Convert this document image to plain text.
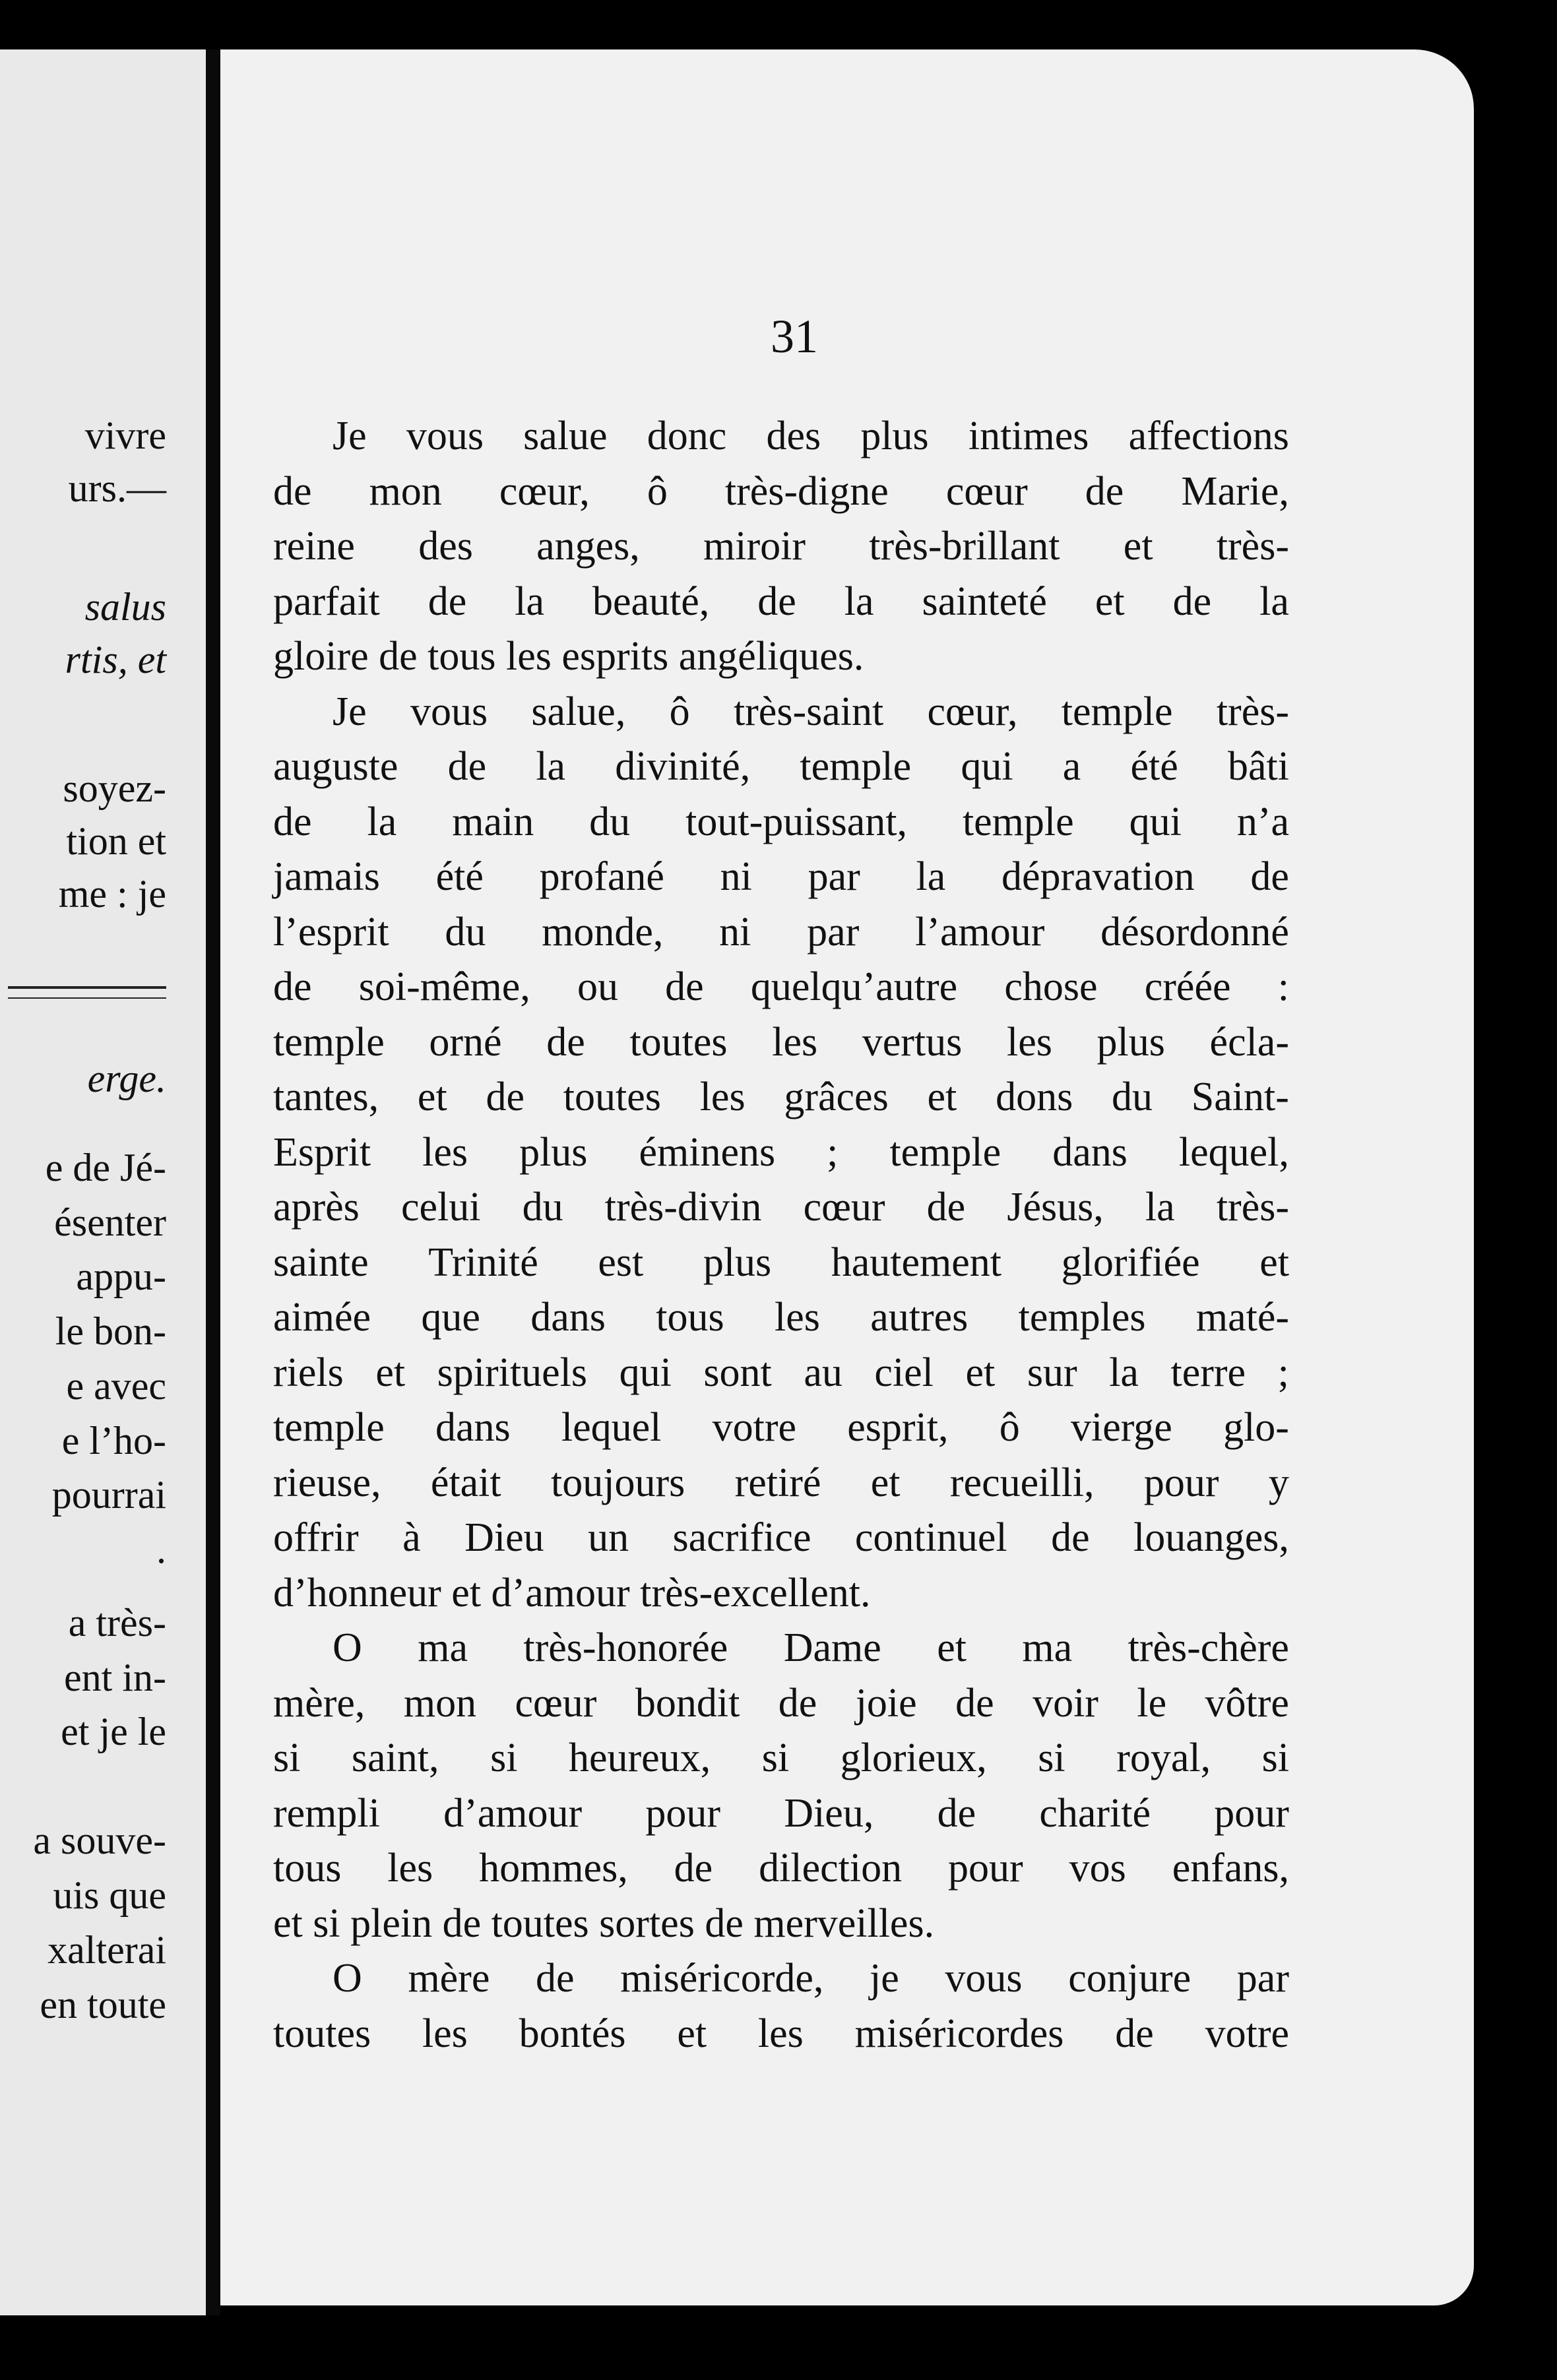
vivre
urs.—
salus
rtis, et
soyez-
tion et
me : je
erge.
e de Jé-
ésenter
appu-
le bon-
e avec
e l’ho-
pourrai
.
a très-
ent in-
et je le
a souve-
uis que
xalterai
en toute
31
Je vous salue donc des plus intimes affections
de mon cœur, ô très-digne cœur de Marie,
reine des anges, miroir très-brillant et très-
parfait de la beauté, de la sainteté et de la
gloire de tous les esprits angéliques.
Je vous salue, ô très-saint cœur, temple très-
auguste de la divinité, temple qui a été bâti
de la main du tout-puissant, temple qui n’a
jamais été profané ni par la dépravation de
l’esprit du monde, ni par l’amour désordonné
de soi-même, ou de quelqu’autre chose créée :
temple orné de toutes les vertus les plus écla-
tantes, et de toutes les grâces et dons du Saint-
Esprit les plus éminens ; temple dans lequel,
après celui du très-divin cœur de Jésus, la très-
sainte Trinité est plus hautement glorifiée et
aimée que dans tous les autres temples maté-
riels et spirituels qui sont au ciel et sur la terre ;
temple dans lequel votre esprit, ô vierge glo-
rieuse, était toujours retiré et recueilli, pour y
offrir à Dieu un sacrifice continuel de louanges,
d’honneur et d’amour très-excellent.
O ma très-honorée Dame et ma très-chère
mère, mon cœur bondit de joie de voir le vôtre
si saint, si heureux, si glorieux, si royal, si
rempli d’amour pour Dieu, de charité pour
tous les hommes, de dilection pour vos enfans,
et si plein de toutes sortes de merveilles.
O mère de miséricorde, je vous conjure par
toutes les bontés et les miséricordes de votre
